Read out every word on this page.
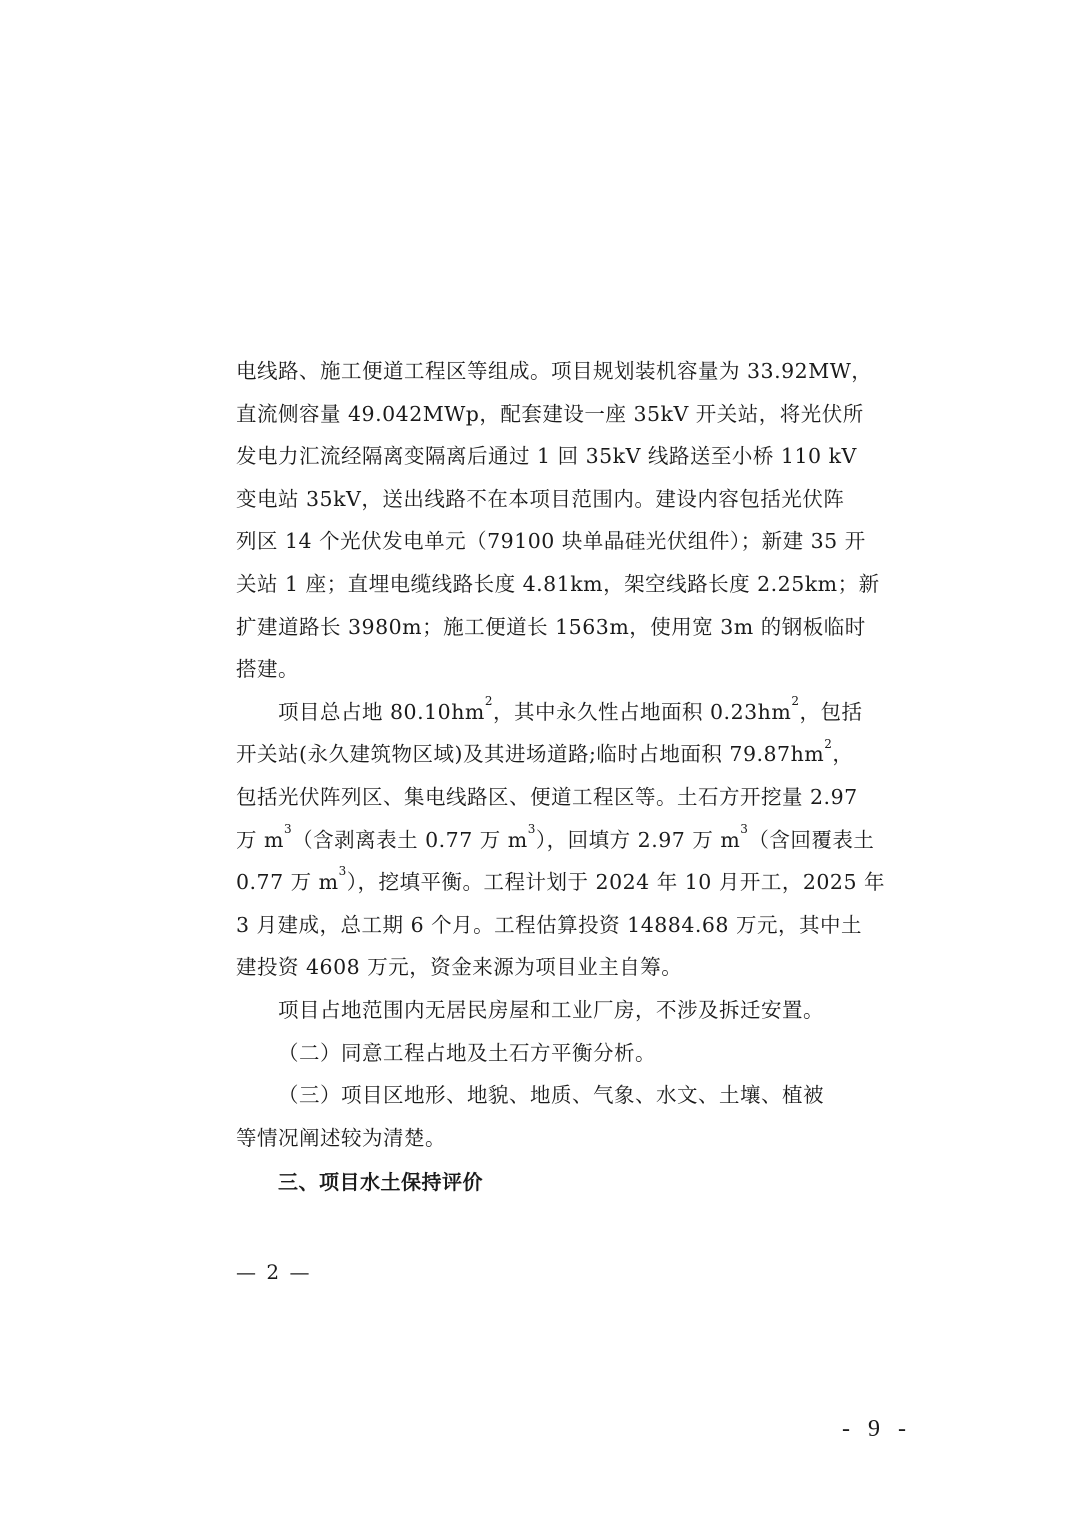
电线路、施工便道工程区等组成。项目规划装机容量为 33.92MW，
直流侧容量 49.042MWp，配套建设一座 35kV 开关站，将光伏所
发电力汇流经隔离变隔离后通过 1 回 35kV 线路送至小桥 110 kV
变电站 35kV，送出线路不在本项目范围内。建设内容包括光伏阵
列区 14 个光伏发电单元（79100 块单晶硅光伏组件）；新建 35 开
关站 1 座；直埋电缆线路长度 4.81km，架空线路长度 2.25km；新
扩建道路长 3980m；施工便道长 1563m，使用宽 3m 的钢板临时
搭建。
项目总占地 $80.10hm^2$，其中永久性占地面积 $0.23hm^2$，包括
开关站(永久建筑物区域)及其进场道路;临时占地面积 $79.87hm^2$，
包括光伏阵列区、集电线路区、便道工程区等。土石方开挖量 2.97
万 $m^3$（含剥离表土 0.77 万 $m^3$），回填方 2.97 万 $m^3$（含回覆表土
0.77 万 $m^3$），挖填平衡。工程计划于 2024 年 10 月开工，2025 年
3 月建成，总工期 6 个月。工程估算投资 14884.68 万元，其中土
建投资 4608 万元，资金来源为项目业主自筹。
项目占地范围内无居民房屋和工业厂房，不涉及拆迁安置。
（二）同意工程占地及土石方平衡分析。
（三）项目区地形、地貌、地质、气象、水文、土壤、植被
等情况阐述较为清楚。
三、项目水土保持评价
— 2 —
- 9 -
